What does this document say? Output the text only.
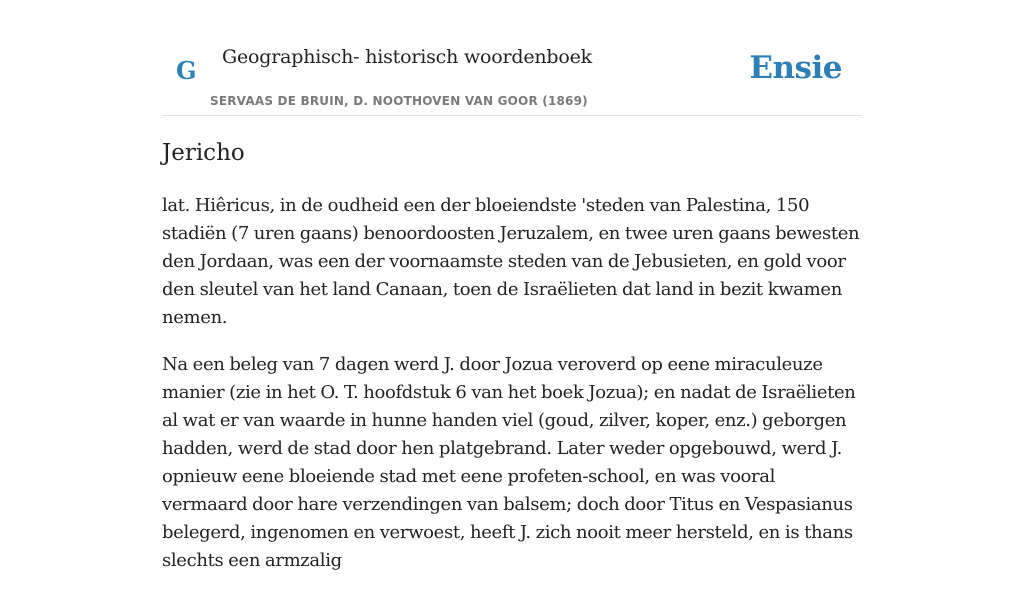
G Geographisch- historisch woordenboek
SERVAAS DE BRUIN, D. NOOTHOVEN VAN GOOR (1869)
Ensie
Jericho

lat. Hiêricus, in de oudheid een der bloeiendste 'steden van Palestina, 150 stadiën (7 uren gaans) benoordoosten Jeruzalem, en twee uren gaans bewesten den Jordaan, was een der voornaamste steden van de Jebusieten, en gold voor den sleutel van het land Canaan, toen de Israëlieten dat land in bezit kwamen nemen.

Na een beleg van 7 dagen werd J. door Jozua veroverd op eene miraculeuze manier (zie in het O. T. hoofdstuk 6 van het boek Jozua); en nadat de Israëlieten al wat er van waarde in hunne handen viel (goud, zilver, koper, enz.) geborgen hadden, werd de stad door hen platgebrand. Later weder opgebouwd, werd J. opnieuw eene bloeiende stad met eene profeten-school, en was vooral vermaard door hare verzendingen van balsem; doch door Titus en Vespasianus belegerd, ingenomen en verwoest, heeft J. zich nooit meer hersteld, en is thans slechts een armzalig
